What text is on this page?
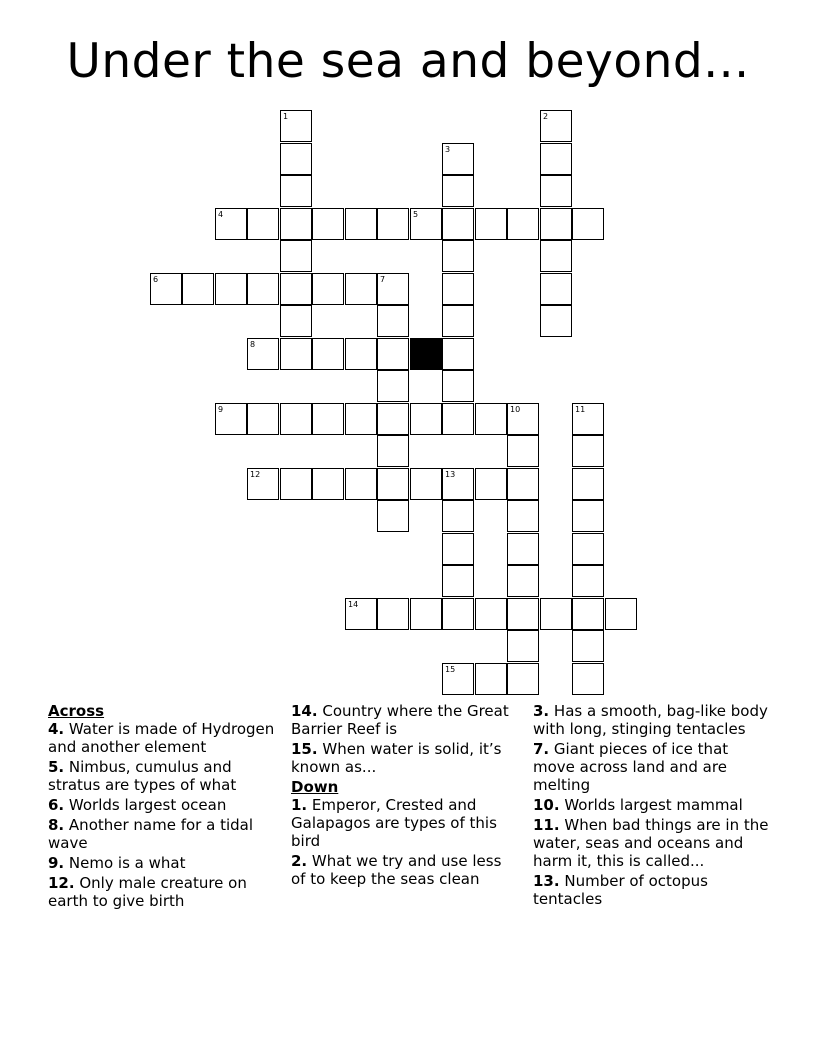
Under the sea and beyond...
4	5
6
8
9
12	13
14
15
1	2
3
7
10	11
Across
4. Water is made of Hydrogen and another element
5. Nimbus, cumulus and stratus are types of what
6. Worlds largest ocean
8. Another name for a tidal wave
9. Nemo is a what
12. Only male creature on earth to give birth
14. Country where the Great Barrier Reef is
15. When water is solid, it’s known as...
Down
1. Emperor, Crested and Galapagos are types of this bird
2. What we try and use less of to keep the seas clean
3. Has a smooth, bag-like body with long, stinging tentacles
7. Giant pieces of ice that move across land and are melting
10. Worlds largest mammal
11. When bad things are in the water, seas and oceans and harm it, this is called...
13. Number of octopus tentacles
